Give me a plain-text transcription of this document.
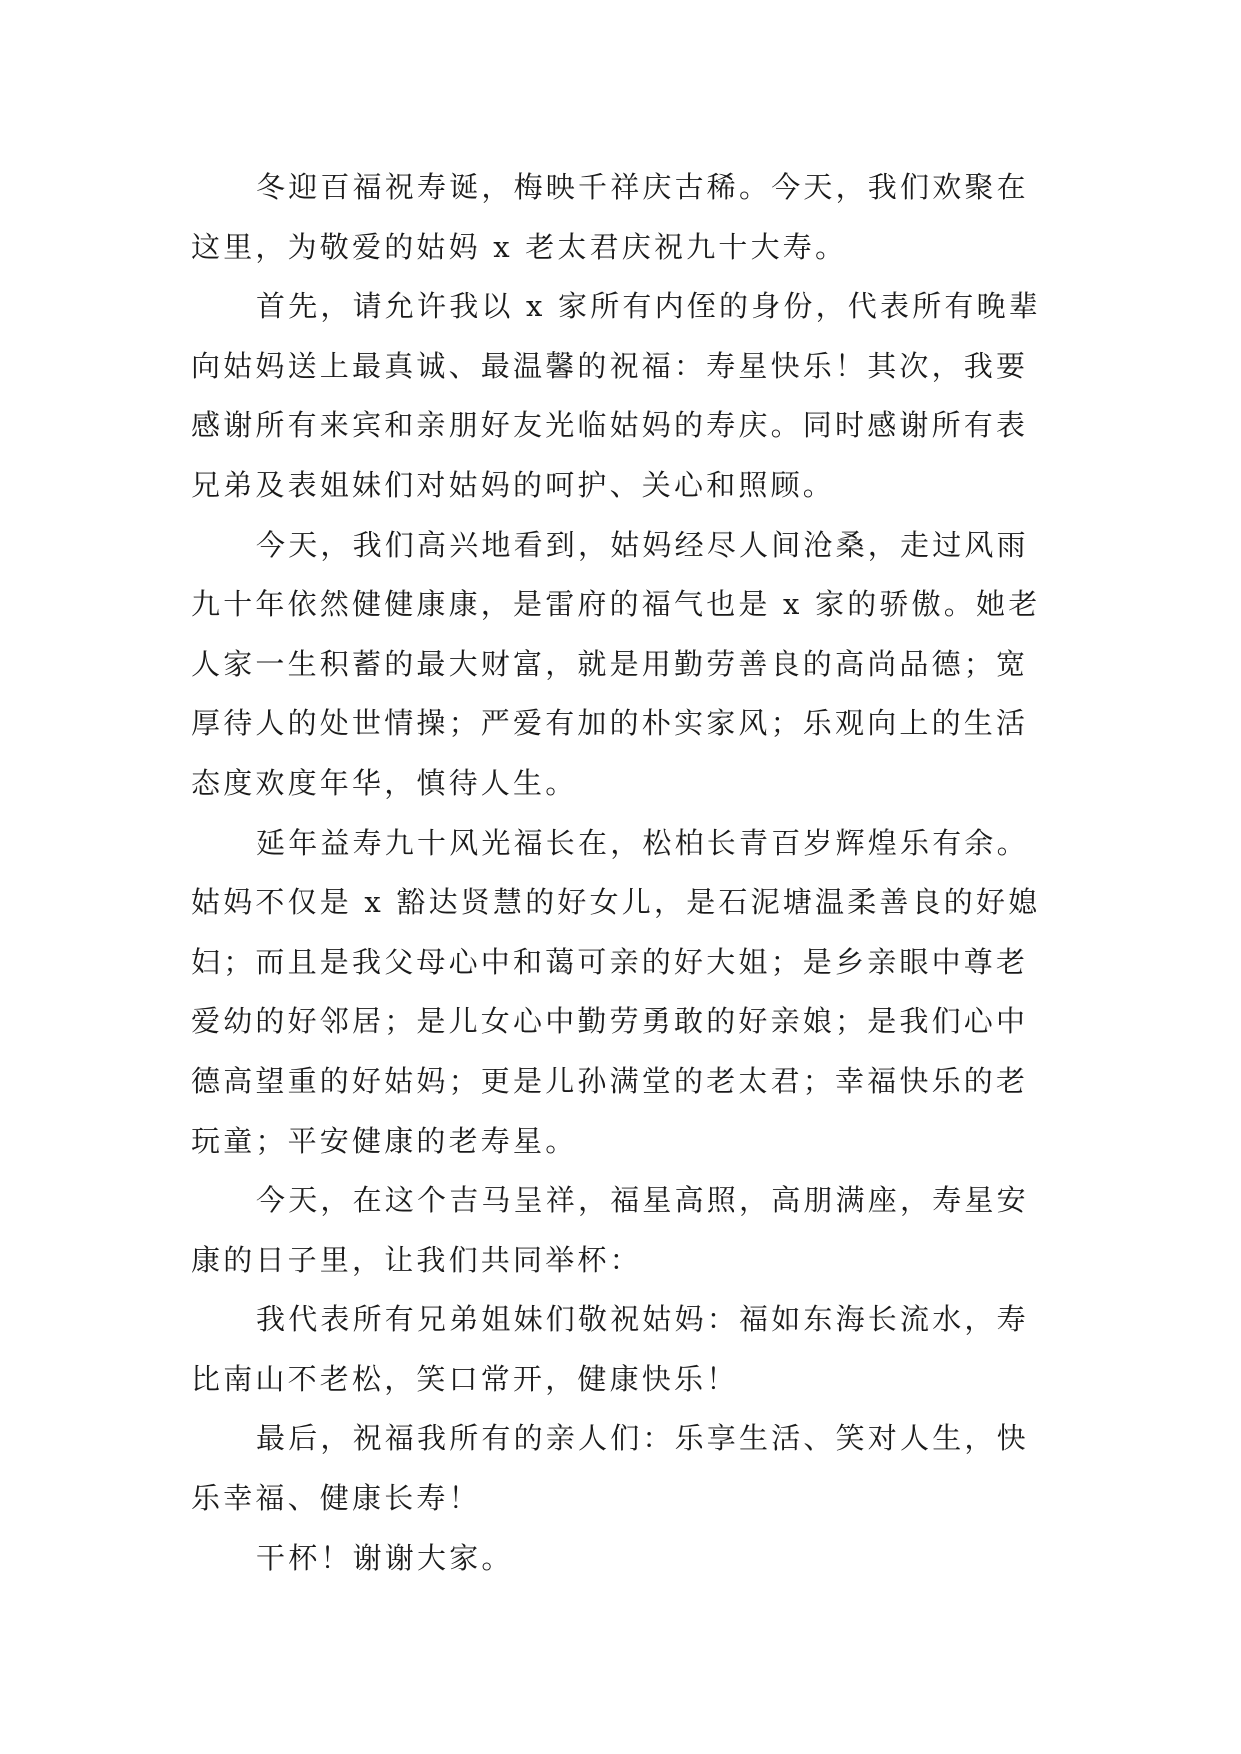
冬迎百福祝寿诞，梅映千祥庆古稀。今天，我们欢聚在
这里，为敬爱的姑妈 x 老太君庆祝九十大寿。
首先，请允许我以 x 家所有内侄的身份，代表所有晚辈
向姑妈送上最真诚、最温馨的祝福：寿星快乐！其次，我要
感谢所有来宾和亲朋好友光临姑妈的寿庆。同时感谢所有表
兄弟及表姐妹们对姑妈的呵护、关心和照顾。
今天，我们高兴地看到，姑妈经尽人间沧桑，走过风雨
九十年依然健健康康，是雷府的福气也是 x 家的骄傲。她老
人家一生积蓄的最大财富，就是用勤劳善良的高尚品德；宽
厚待人的处世情操；严爱有加的朴实家风；乐观向上的生活
态度欢度年华，慎待人生。
延年益寿九十风光福长在，松柏长青百岁辉煌乐有余。
姑妈不仅是 x 豁达贤慧的好女儿，是石泥塘温柔善良的好媳
妇；而且是我父母心中和蔼可亲的好大姐；是乡亲眼中尊老
爱幼的好邻居；是儿女心中勤劳勇敢的好亲娘；是我们心中
德高望重的好姑妈；更是儿孙满堂的老太君；幸福快乐的老
玩童；平安健康的老寿星。
今天，在这个吉马呈祥，福星高照，高朋满座，寿星安
康的日子里，让我们共同举杯：
我代表所有兄弟姐妹们敬祝姑妈：福如东海长流水，寿
比南山不老松，笑口常开，健康快乐！
最后，祝福我所有的亲人们：乐享生活、笑对人生，快
乐幸福、健康长寿！
干杯！谢谢大家。
